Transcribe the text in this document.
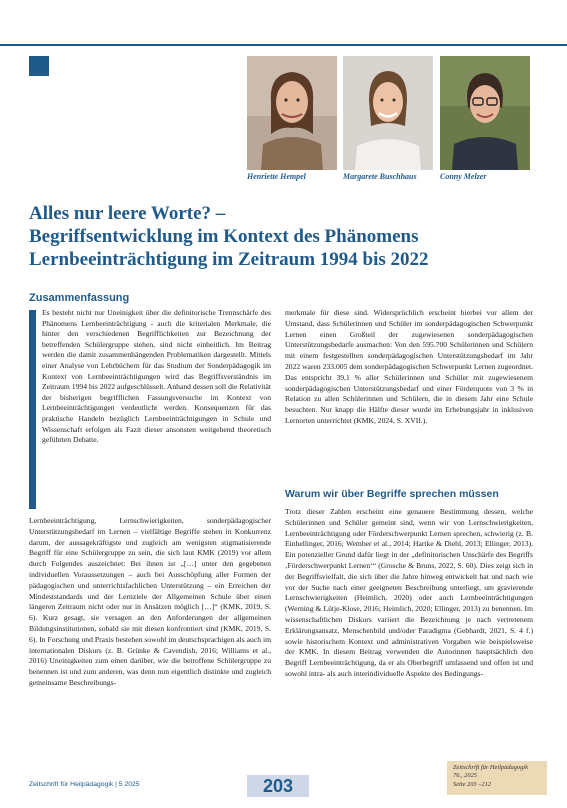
Henriette Hempel	Margarete Buschhaus	Conny Melzer
Alles nur leere Worte? –
Begriffsentwicklung im Kontext des Phänomens
Lernbeeinträchtigung im Zeitraum 1994 bis 2022
Zusammenfassung

Es besteht nicht nur Uneinigkeit über die definitorische Trennschärfe des Phänomens Lernbeeinträchtigung - auch die kriterialen Merkmale, die hinter den verschiedenen Begrifflichkeiten zur Bezeichnung der betreffenden Schülergruppe stehen, sind nicht einheitlich. Im Beitrag werden die damit zusammenhängenden Problematiken dargestellt. Mittels einer Analyse von Lehrbüchern für das Studium der Sonderpädagogik im Kontext von Lernbeeinträchtigungen wird das Begriffsverständnis im Zeitraum 1994 bis 2022 aufgeschlüsselt. Anhand dessen soll die Relativität der bisherigen begrifflichen Fassungsversuche im Kontext von Lernbeeinträchtigungen verdeutlicht werden. Konsequenzen für das praktische Handeln bezüglich Lernbeeinträchtigungen in Schule und Wissenschaft erfolgen als Fazit dieser ansonsten weitgehend theoretisch geführten Debatte.

Lernbeeinträchtigung, Lernschwierigkeiten, sonderpädagogischer Unterstützungsbedarf im Lernen – vielfältige Begriffe stehen in Konkurrenz darum, der aussagekräftigste und zugleich am wenigsten stigmatisierende Begriff für eine Schülergruppe zu sein, die sich laut KMK (2019) vor allem durch Folgendes auszeichnet: Bei ihnen ist „[…] unter den gegebenen individuellen Voraussetzungen – auch bei Ausschöpfung aller Formen der pädagogischen und unterrichtsfachlichen Unterstützung – ein Erreichen der Mindeststandards und der Lernziele der Allgemeinen Schule über einen längeren Zeitraum nicht oder nur in Ansätzen möglich […]“ (KMK, 2019, S. 6). Kurz gesagt, sie versagen an den Anforderungen der allgemeinen Bildungsinstitutionen, sobald sie mit diesen konfrontiert sind (KMK, 2019, S. 6). In Forschung und Praxis bestehen sowohl im deutschsprachigen als auch im internationalen Diskurs (z. B. Grünke & Cavendish, 2016; Williams et al., 2016) Uneinigkeiten zum einen darüber, wie die betroffene Schülergruppe zu benennen ist und zum anderen, was denn nun eigentlich distinkte und zugleich gemeinsame Beschreibungs-

merkmale für diese sind. Widersprüchlich erscheint hierbei vor allem der Umstand, dass Schülerinnen und Schüler im sonderpädagogischen Schwerpunkt Lernen einen Großteil der zugewiesenen sonderpädagogischen Unterstützungsbedarfe ausmachen: Von den 595.700 Schülerinnen und Schülern mit einem festgestellten sonderpädagogischen Unterstützungsbedarf im Jahr 2022 waren 233.005 dem sonderpädagogischen Schwerpunkt Lernen zugeordnet. Das entspricht 39,1 % aller Schülerinnen und Schüler mit zugewiesenem sonderpädagogischen Unterstützungsbedarf und einer Förderquote von 3 % in Relation zu allen Schülerinnen und Schülern, die in diesem Jahr eine Schule besuchten. Nur knapp die Hälfte dieser wurde im Erhebungsjahr in inklusiven Lernorten unterrichtet (KMK, 2024, S. XVIf.).

Warum wir über Begriffe sprechen müssen

Trotz dieser Zahlen erscheint eine genauere Bestimmung dessen, welche Schülerinnen und Schüler gemeint sind, wenn wir von Lernschwierigkeiten, Lernbeeinträchtigung oder Förderschwerpunkt Lernen sprechen, schwierig (z. B. Einhellinger, 2016; Wember et al., 2014; Hartke & Diehl, 2013; Ellinger, 2013). Ein potenzieller Grund dafür liegt in der „definitorischen Unschärfe des Begriffs ‚Förderschwerpunkt Lernen‘“ (Grosche & Bruns, 2022, S. 60). Dies zeigt sich in der Begriffsvielfalt, die sich über die Jahre hinweg entwickelt hat und nach wie vor der Suche nach einer geeigneten Beschreibung unterliegt, um gravierende Lernschwierigkeiten (Heimlich, 2020) oder auch Lernbeeinträchtigungen (Werning & Lütje-Klose, 2016; Heimlich, 2020; Ellinger, 2013) zu benennen. Im wissenschaftlichen Diskurs variiert die Bezeichnung je nach vertretenem Erklärungsansatz, Menschenbild und/oder Paradigma (Gebhardt, 2021, S. 4 f.) sowie historischem Kontext und administrativen Vorgaben wie beispielsweise der KMK. In diesem Beitrag verwenden die Autorinnen hauptsächlich den Begriff Lernbeeinträchtigung, da er als Oberbegriff umfassend und offen ist und sowohl intra- als auch interindividuelle Aspekte des Bedingungs-

Zeitschrift für Heilpädagogik | 5 2025	203
Zeitschrift für Heilpädagogik
76., 2025
Seite 203 –212
